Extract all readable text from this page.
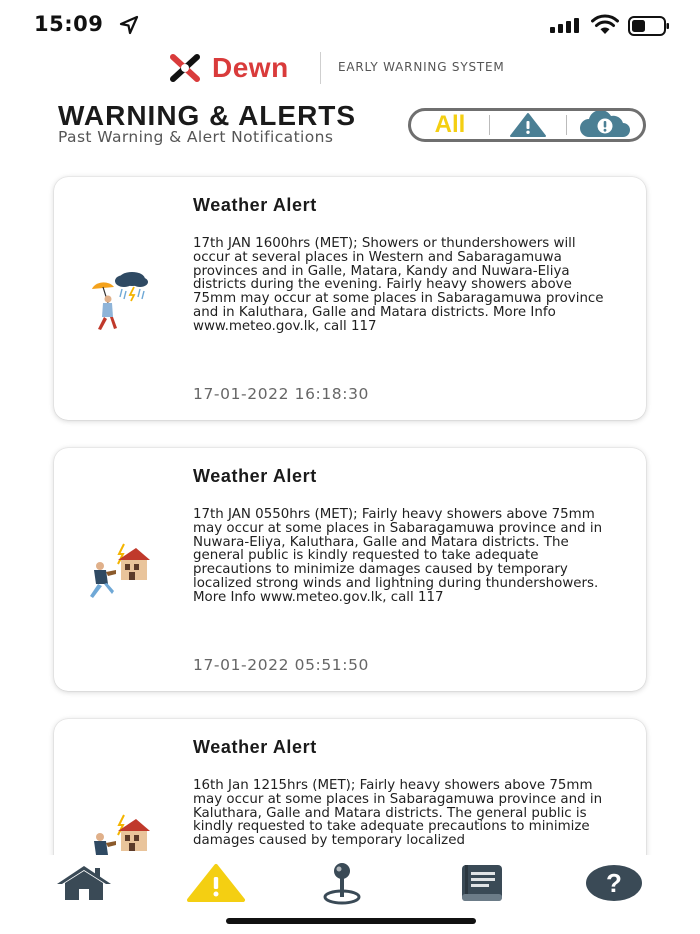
15:09
Dewn	EARLY WARNING SYSTEM
WARNING & ALERTS
Past Warning & Alert Notifications	All
Weather Alert
17th JAN 1600hrs (MET); Showers or thundershowers will occur at several places in Western and Sabaragamuwa provinces and in Galle, Matara, Kandy and Nuwara-Eliya districts during the evening. Fairly heavy showers above 75mm may occur at some places in Sabaragamuwa province and in Kaluthara, Galle and Matara districts. More Info www.meteo.gov.lk, call 117
17-01-2022 16:18:30
Weather Alert
17th JAN 0550hrs (MET); Fairly heavy showers above 75mm may occur at some places in Sabaragamuwa province and in Nuwara-Eliya, Kaluthara, Galle and Matara districts. The general public is kindly requested to take adequate precautions to minimize damages caused by temporary localized strong winds and lightning during thundershowers. More Info www.meteo.gov.lk, call 117
17-01-2022 05:51:50
Weather Alert
16th Jan 1215hrs (MET); Fairly heavy showers above 75mm may occur at some places in Sabaragamuwa province and in Kaluthara, Galle and Matara districts. The general public is kindly requested to take adequate precautions to minimize damages caused by temporary localized
?
